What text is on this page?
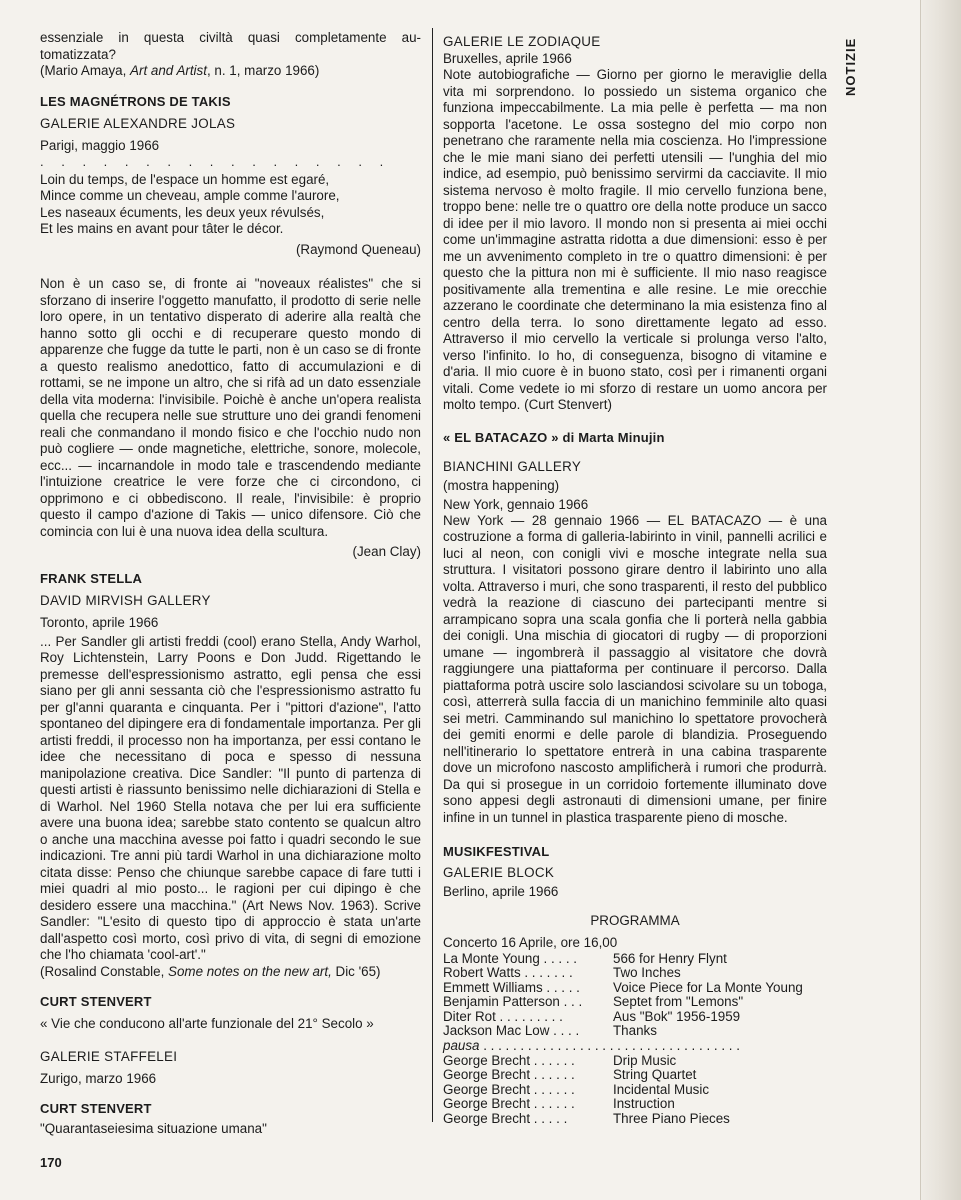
NOTIZIE
essenziale in questa civiltà quasi completamente au-
tomatizzata?
(Mario Amaya, Art and Artist, n. 1, marzo 1966)
LES MAGNÉTRONS DE TAKIS
GALERIE ALEXANDRE JOLAS
Parigi, maggio 1966
. . . . . . . . . . . . . . . . .
Loin du temps, de l'espace un homme est egaré,
Mince comme un cheveau, ample comme l'aurore,
Les naseaux écuments, les deux yeux révulsés,
Et les mains en avant pour tâter le décor.
(Raymond Queneau)

Non è un caso se, di fronte ai "noveaux réalistes" che si sforzano di inserire l'oggetto manufatto, il prodotto di serie nelle loro opere, in un tentativo disperato di aderire alla realtà che hanno sotto gli occhi e di recuperare questo mondo di apparenze che fugge da tutte le parti, non è un caso se di fronte a questo realismo anedottico, fatto di accumulazioni e di rottami, se ne impone un altro, che si rifà ad un dato essenziale della vita moderna: l'invisibile. Poichè è anche un'opera realista quella che recupera nelle sue strutture uno dei grandi fenomeni reali che conmandano il mondo fisico e che l'occhio nudo non può cogliere — onde magnetiche, elettriche, sonore, molecole, ecc... — incarnandole in modo tale e trascendendo mediante l'intuizione creatrice le vere forze che ci circondono, ci opprimono e ci obbediscono. Il reale, l'invisibile: è proprio questo il campo d'azione di Takis — unico difensore. Ciò che comincia con lui è una nuova idea della scultura.

(Jean Clay)
FRANK STELLA
DAVID MIRVISH GALLERY
Toronto, aprile 1966

... Per Sandler gli artisti freddi (cool) erano Stella, Andy Warhol, Roy Lichtenstein, Larry Poons e Don Judd. Rigettando le premesse dell'espressionismo astratto, egli pensa che essi siano per gli anni sessanta ciò che l'espressionismo astratto fu per gl'anni quaranta e cinquanta. Per i "pittori d'azione", l'atto spontaneo del dipingere era di fondamentale importanza. Per gli artisti freddi, il processo non ha importanza, per essi contano le idee che necessitano di poca e spesso di nessuna manipolazione creativa. Dice Sandler: "Il punto di partenza di questi artisti è riassunto benissimo nelle dichiarazioni di Stella e di Warhol. Nel 1960 Stella notava che per lui era sufficiente avere una buona idea; sarebbe stato contento se qualcun altro o anche una macchina avesse poi fatto i quadri secondo le sue indicazioni. Tre anni più tardi Warhol in una dichiarazione molto citata disse: Penso che chiunque sarebbe capace di fare tutti i miei quadri al mio posto... le ragioni per cui dipingo è che desidero essere una macchina." (Art News Nov. 1963). Scrive Sandler: "L'esito di questo tipo di approccio è stata un'arte dall'aspetto così morto, così privo di vita, di segni di emozione che l'ho chiamata 'cool-art'."

(Rosalind Constable, Some notes on the new art, Dic '65)
CURT STENVERT
« Vie che conducono all'arte funzionale del 21° Secolo »
GALERIE STAFFELEI
Zurigo, marzo 1966
CURT STENVERT
"Quarantaseiesima situazione umana"
GALERIE LE ZODIAQUE
Bruxelles, aprile 1966

Note autobiografiche — Giorno per giorno le meraviglie della vita mi sorprendono. Io possiedo un sistema organico che funziona impeccabilmente. La mia pelle è perfetta — ma non sopporta l'acetone. Le ossa sostegno del mio corpo non penetrano che raramente nella mia coscienza. Ho l'impressione che le mie mani siano dei perfetti utensili — l'unghia del mio indice, ad esempio, può benissimo servirmi da cacciavite. Il mio sistema nervoso è molto fragile. Il mio cervello funziona bene, troppo bene: nelle tre o quattro ore della notte produce un sacco di idee per il mio lavoro. Il mondo non si presenta ai miei occhi come un'immagine astratta ridotta a due dimensioni: esso è per me un avvenimento completo in tre o quattro dimensioni: è per questo che la pittura non mi è sufficiente. Il mio naso reagisce positivamente alla trementina e alle resine. Le mie orecchie azzerano le coordinate che determinano la mia esistenza fino al centro della terra. Io sono direttamente legato ad esso. Attraverso il mio cervello la verticale si prolunga verso l'alto, verso l'infinito. Io ho, di conseguenza, bisogno di vitamine e d'aria. Il mio cuore è in buono stato, così per i rimanenti organi vitali. Come vedete io mi sforzo di restare un uomo ancora per molto tempo. (Curt Stenvert)

« EL BATACAZO » di Marta Minujin
BIANCHINI GALLERY
(mostra happening)
New York, gennaio 1966

New York — 28 gennaio 1966 — EL BATACAZO — è una costruzione a forma di galleria-labirinto in vinil, pannelli acrilici e luci al neon, con conigli vivi e mosche integrate nella sua struttura. I visitatori possono girare dentro il labirinto uno alla volta. Attraverso i muri, che sono trasparenti, il resto del pubblico vedrà la reazione di ciascuno dei partecipanti mentre si arrampicano sopra una scala gonfia che li porterà nella gabbia dei conigli. Una mischia di giocatori di rugby — di proporzioni umane — ingombrerà il passaggio al visitatore che dovrà raggiungere una piattaforma per continuare il percorso. Dalla piattaforma potrà uscire solo lasciandosi scivolare su un toboga, così, atterrerà sulla faccia di un manichino femminile alto quasi sei metri. Camminando sul manichino lo spettatore provocherà dei gemiti enormi e delle parole di blandizia. Proseguendo nell'itinerario lo spettatore entrerà in una cabina trasparente dove un microfono nascosto amplificherà i rumori che produrrà. Da qui si prosegue in un corridoio fortemente illuminato dove sono appesi degli astronauti di dimensioni umane, per finire infine in un tunnel in plastica trasparente pieno di mosche.

MUSIKFESTIVAL
GALERIE BLOCK
Berlino, aprile 1966
PROGRAMMA
Concerto 16 Aprile, ore 16,00
La Monte Young . . . . .	566 for Henry Flynt
Robert Watts . . . . . . .	Two Inches
Emmett Williams . . . . .	Voice Piece for La Monte Young
Benjamin Patterson . . .	Septet from "Lemons"
Diter Rot . . . . . . . . .	Aus "Bok" 1956-1959
Jackson Mac Low . . . .	Thanks
pausa
. . . . . . . . . . . . . . . . . . . . . . . . . . . . . . . . . . .
George Brecht . . . . . .	Drip Music
George Brecht . . . . . .	String Quartet
George Brecht . . . . . .	Incidental Music
George Brecht . . . . . .	Instruction
George Brecht . . . . .	Three Piano Pieces
170
